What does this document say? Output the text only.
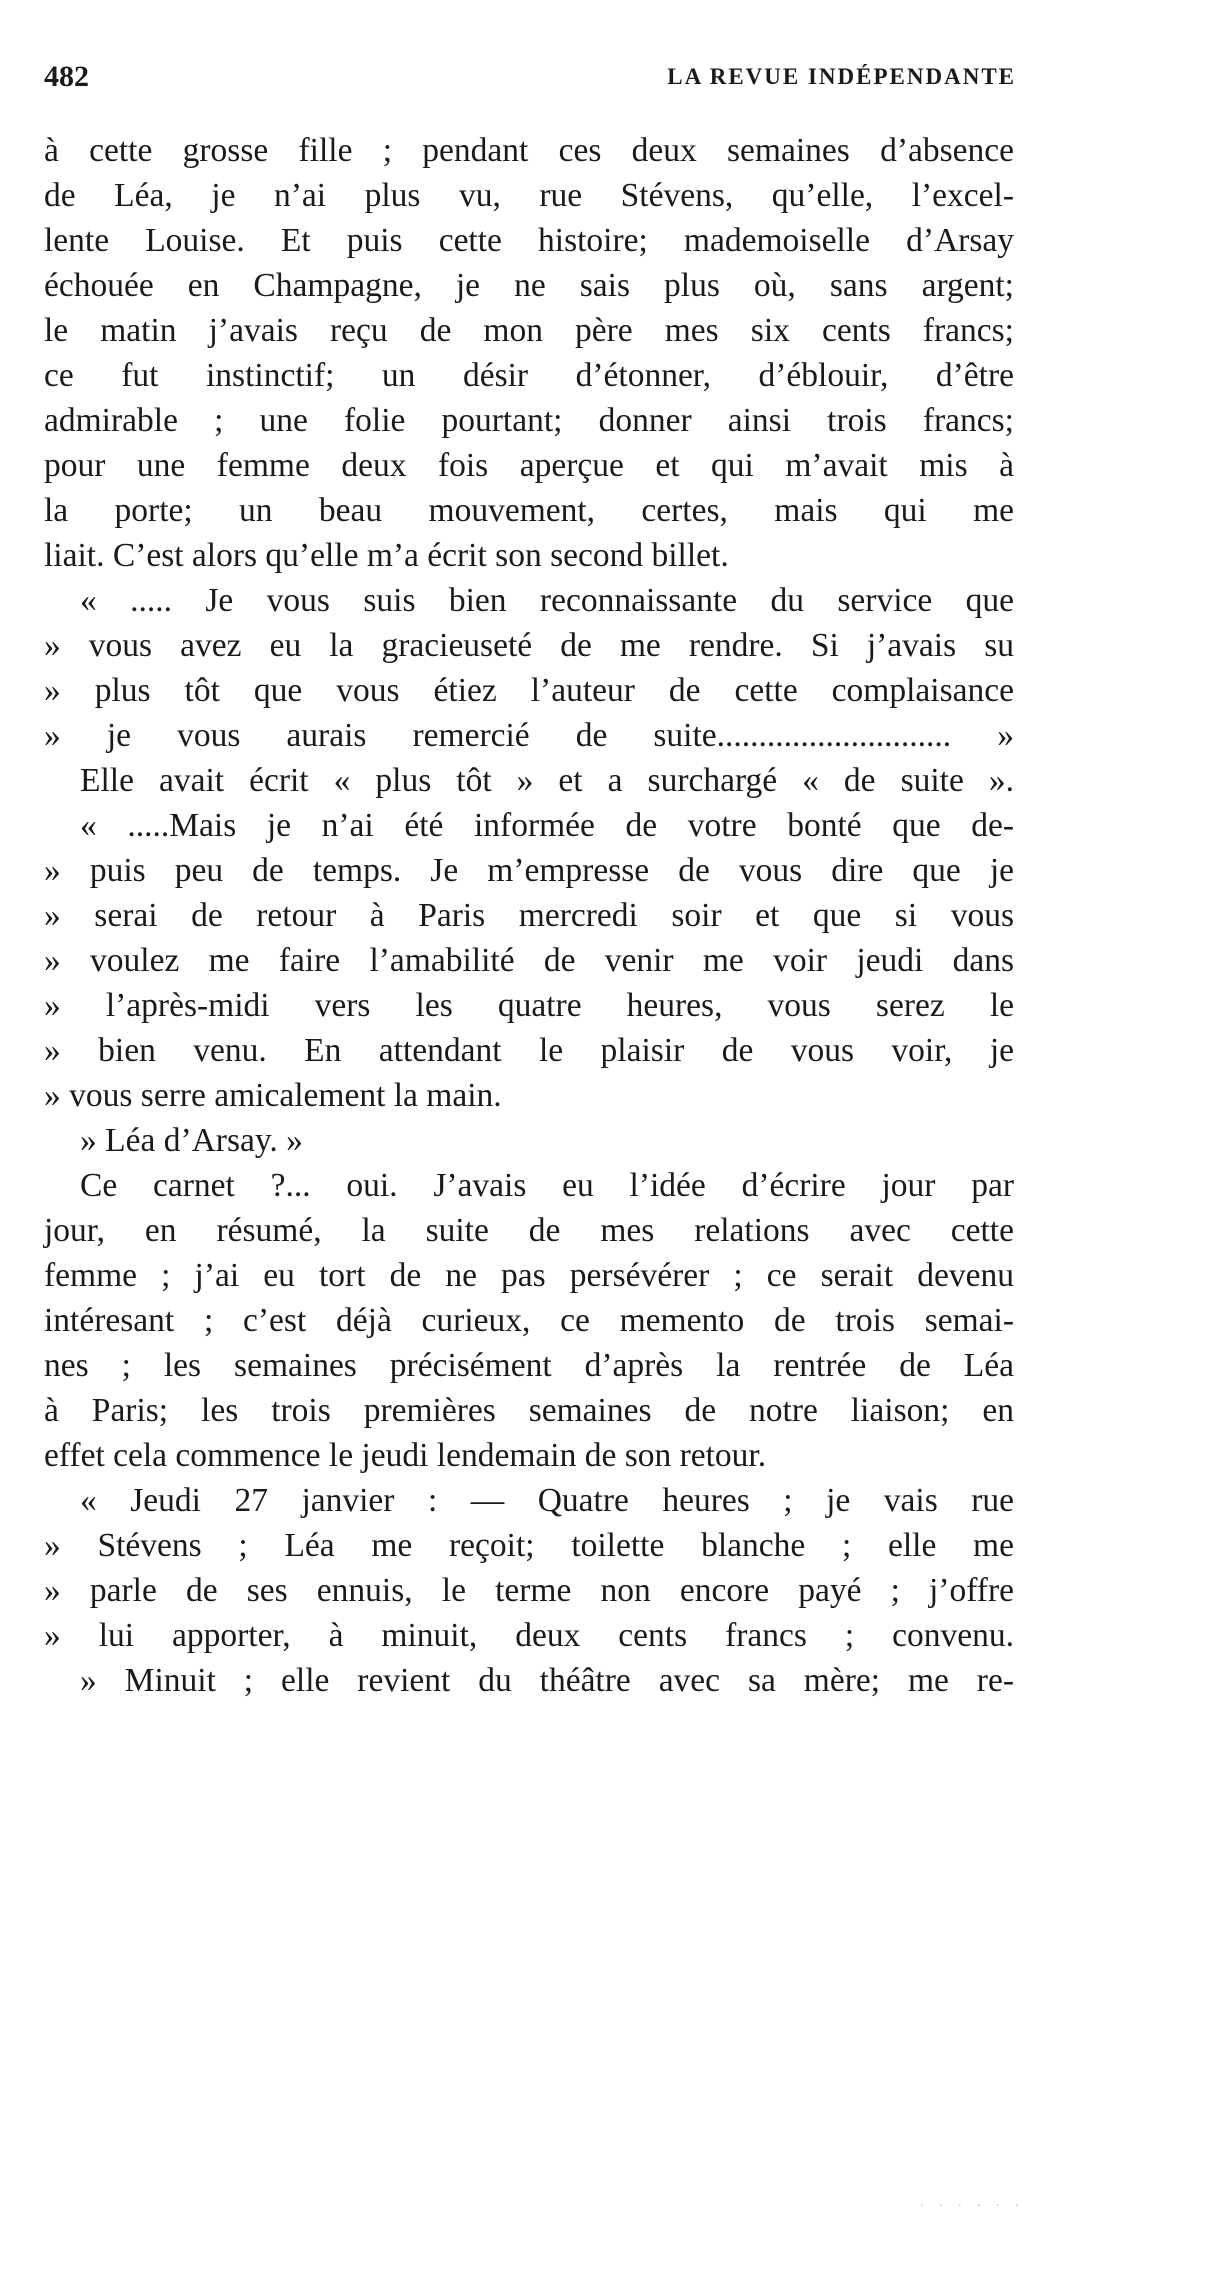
482	LA REVUE INDÉPENDANTE
à cette grosse fille ; pendant ces deux semaines d’absence
de Léa, je n’ai plus vu, rue Stévens, qu’elle, l’excel-
lente Louise. Et puis cette histoire; mademoiselle d’Arsay
échouée en Champagne, je ne sais plus où, sans argent;
le matin j’avais reçu de mon père mes six cents francs;
ce fut instinctif; un désir d’étonner, d’éblouir, d’être
admirable ; une folie pourtant; donner ainsi trois francs;
pour une femme deux fois aperçue et qui m’avait mis à
la porte; un beau mouvement, certes, mais qui me
liait. C’est alors qu’elle m’a écrit son second billet.
« ..... Je vous suis bien reconnaissante du service que
» vous avez eu la gracieuseté de me rendre. Si j’avais su
» plus tôt que vous étiez l’auteur de cette complaisance
» je vous aurais remercié de suite............................ »
Elle avait écrit « plus tôt » et a surchargé « de suite ».
« .....Mais je n’ai été informée de votre bonté que de-
» puis peu de temps. Je m’empresse de vous dire que je
» serai de retour à Paris mercredi soir et que si vous
» voulez me faire l’amabilité de venir me voir jeudi dans
» l’après-midi vers les quatre heures, vous serez le
» bien venu. En attendant le plaisir de vous voir, je
» vous serre amicalement la main.
» Léa d’Arsay. »
Ce carnet ?... oui. J’avais eu l’idée d’écrire jour par
jour, en résumé, la suite de mes relations avec cette
femme ; j’ai eu tort de ne pas persévérer ; ce serait devenu
intéresant ; c’est déjà curieux, ce memento de trois semai-
nes ; les semaines précisément d’après la rentrée de Léa
à Paris; les trois premières semaines de notre liaison; en
effet cela commence le jeudi lendemain de son retour.
« Jeudi 27 janvier : — Quatre heures ; je vais rue
» Stévens ; Léa me reçoit; toilette blanche ; elle me
» parle de ses ennuis, le terme non encore payé ; j’offre
» lui apporter, à minuit, deux cents francs ; convenu.
» Minuit ; elle revient du théâtre avec sa mère; me re-
. . . . . .
